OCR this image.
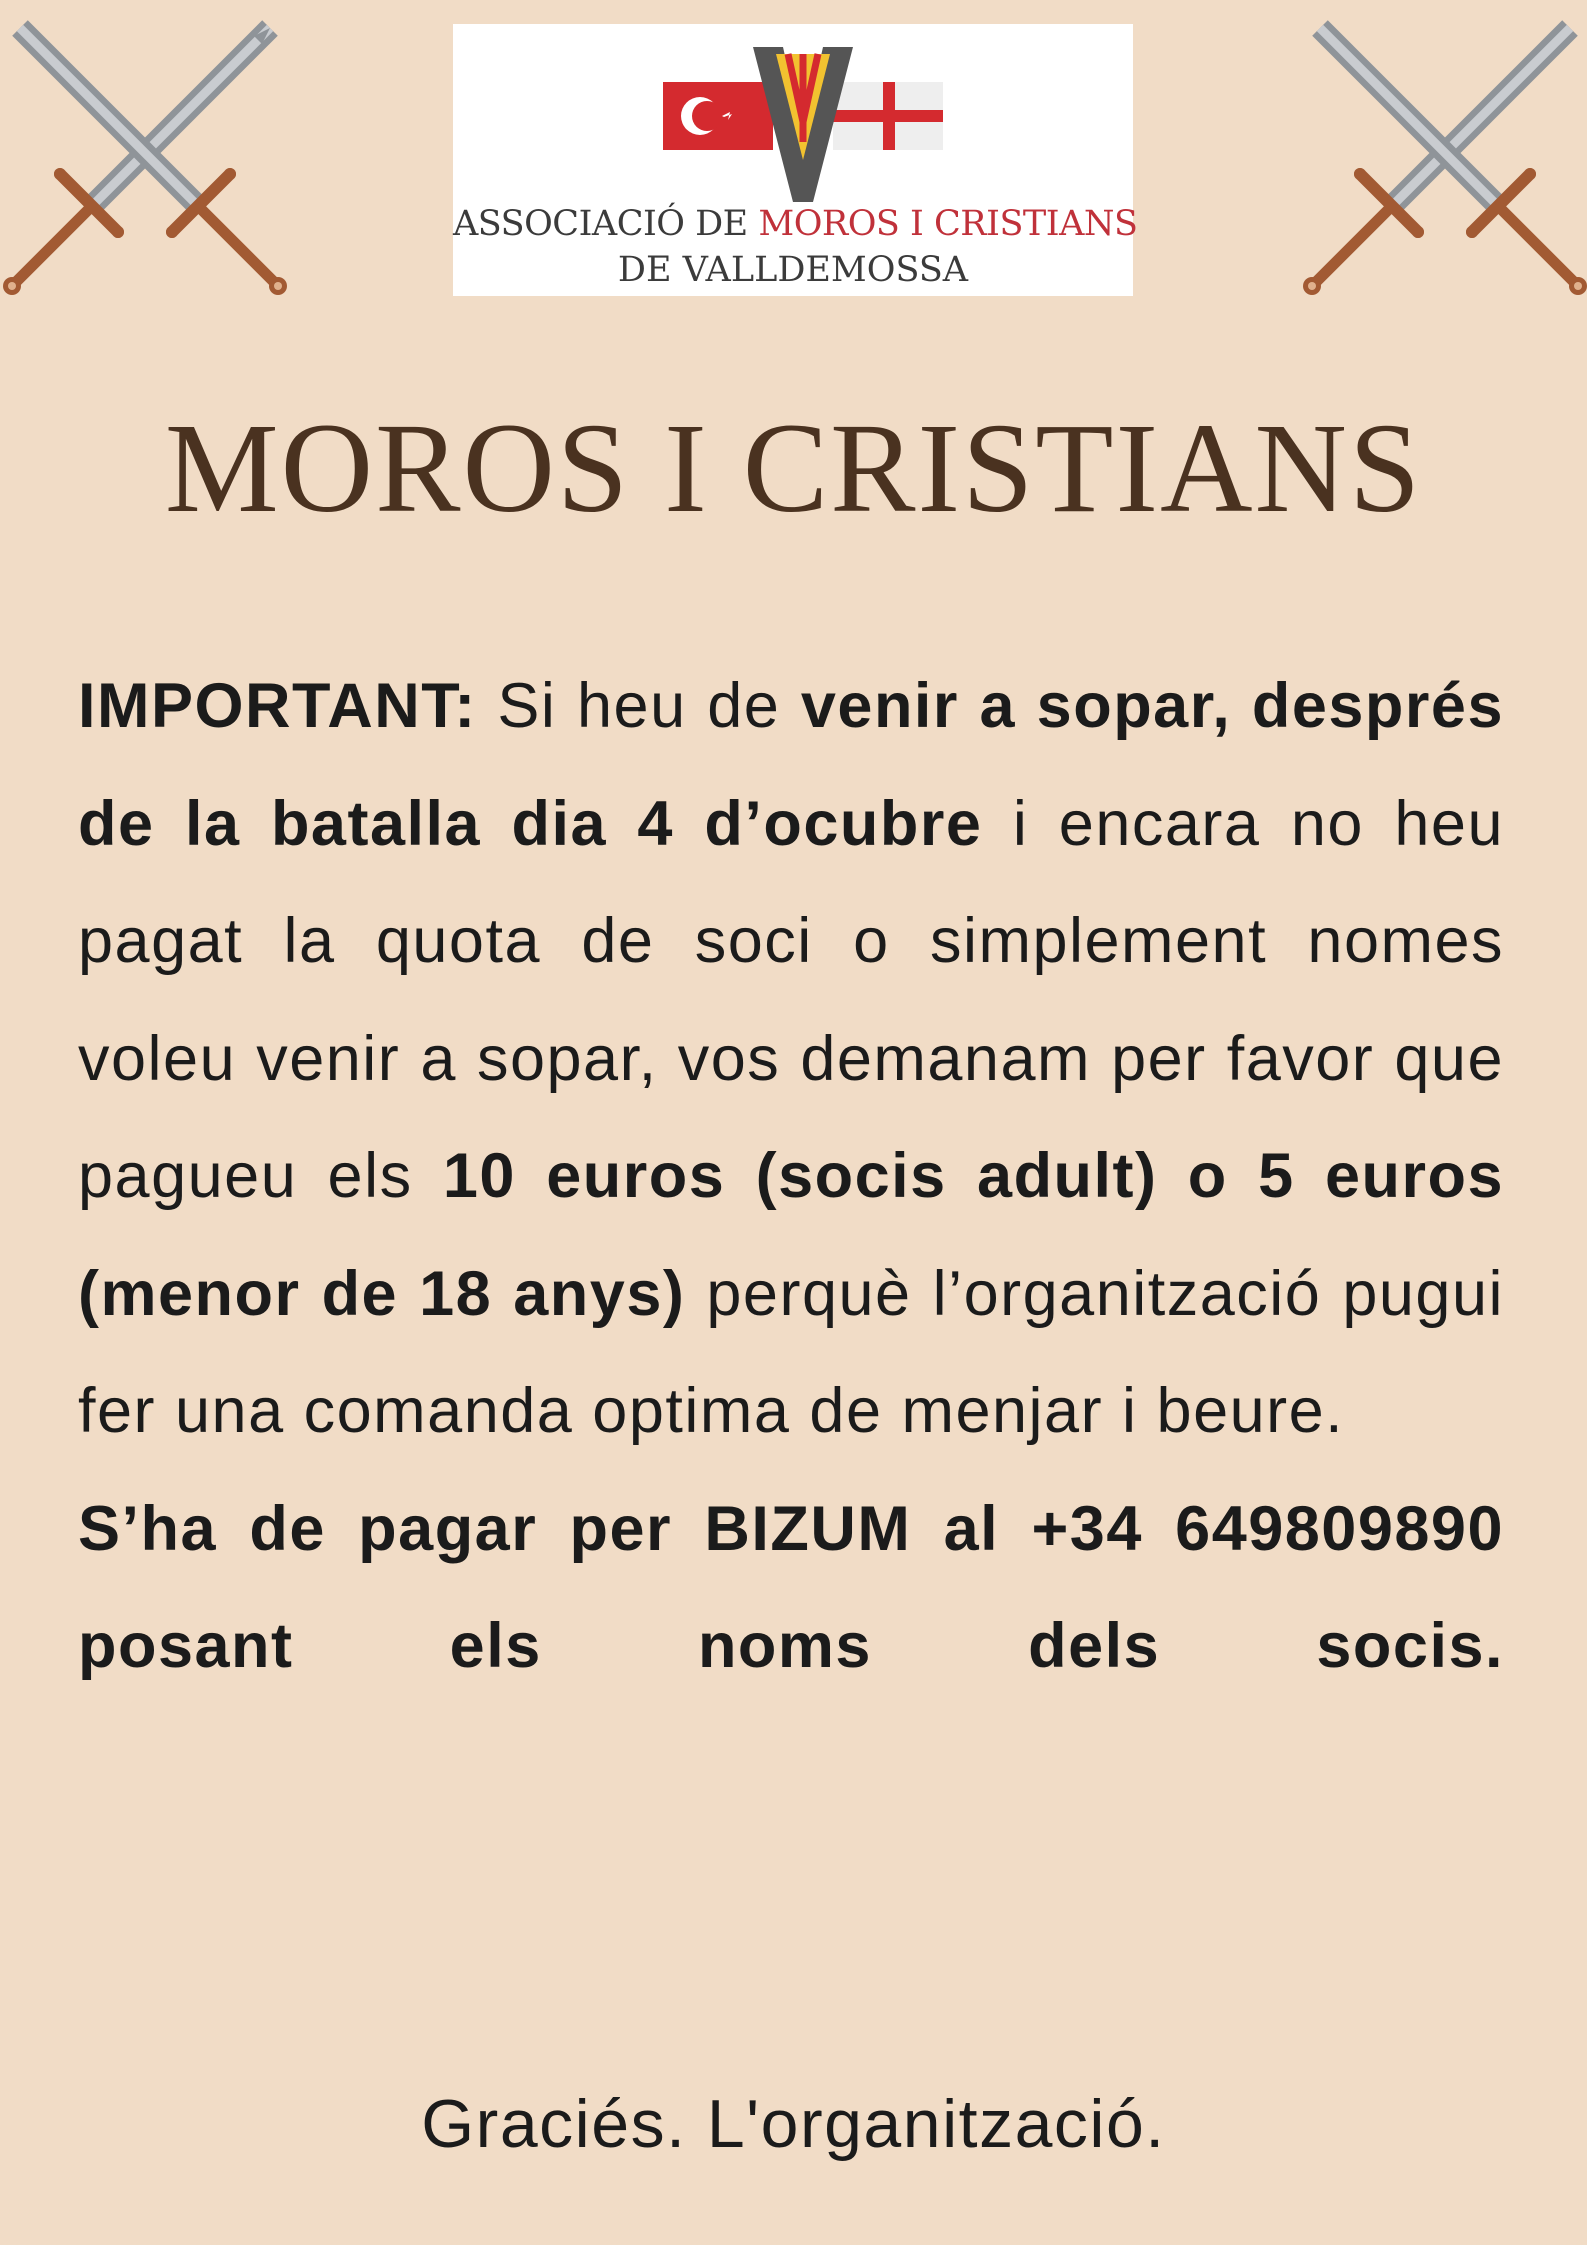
ASSOCIACIÓ DE MOROS I CRISTIANS
DE VALLDEMOSSA
MOROS I CRISTIANS

IMPORTANT: Si heu de venir a sopar, després de la batalla dia 4 d’ocubre i encara no heu pagat la quota de soci o simplement nomes voleu venir a sopar, vos demanam per favor que pagueu els 10 euros (socis adult) o 5 euros (menor de 18 anys) perquè l’organització pugui fer una comanda optima de menjar i beure.

S’ha de pagar per BIZUM al +34 649809890 posant els noms dels socis.

Graciés. L'organització.
